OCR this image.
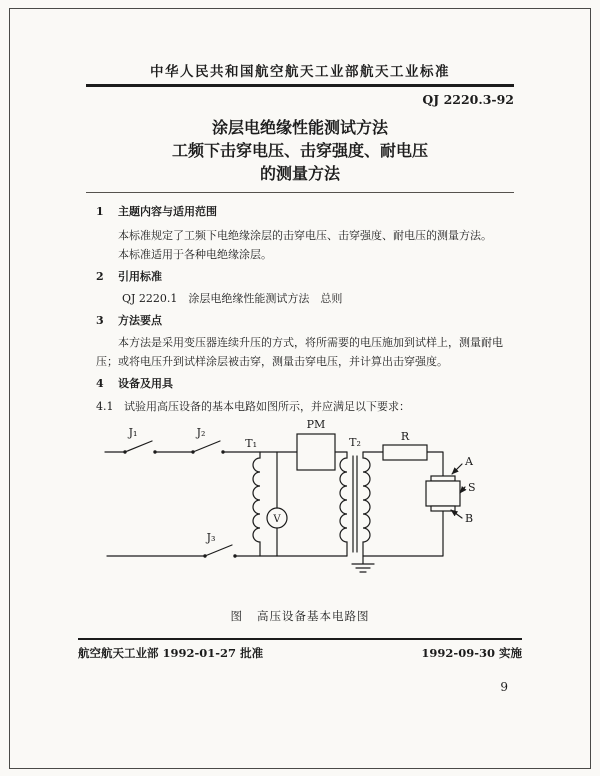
中华人民共和国航空航天工业部航天工业标准
QJ 2220.3-92
涂层电绝缘性能测试方法
工频下击穿电压、击穿强度、耐电压
的测量方法
1 主题内容与适用范围
本标准规定了工频下电绝缘涂层的击穿电压、击穿强度、耐电压的测量方法。
本标准适用于各种电绝缘涂层。
2 引用标准
QJ 2220.1　涂层电绝缘性能测试方法　总则
3 方法要点
本方法是采用变压器连续升压的方式，将所需要的电压施加到试样上，测量耐电压；或将电压升到试样涂层被击穿，测量击穿电压，并计算出击穿强度。
4 设备及用具
4.1 试验用高压设备的基本电路如图所示，并应满足以下要求：
J₁	J₂
J₃
T₁	T₂
PM
R
V
A
S
B
图 高压设备基本电路图
航空航天工业部 1992-01-27 批准	1992-09-30 实施
9
